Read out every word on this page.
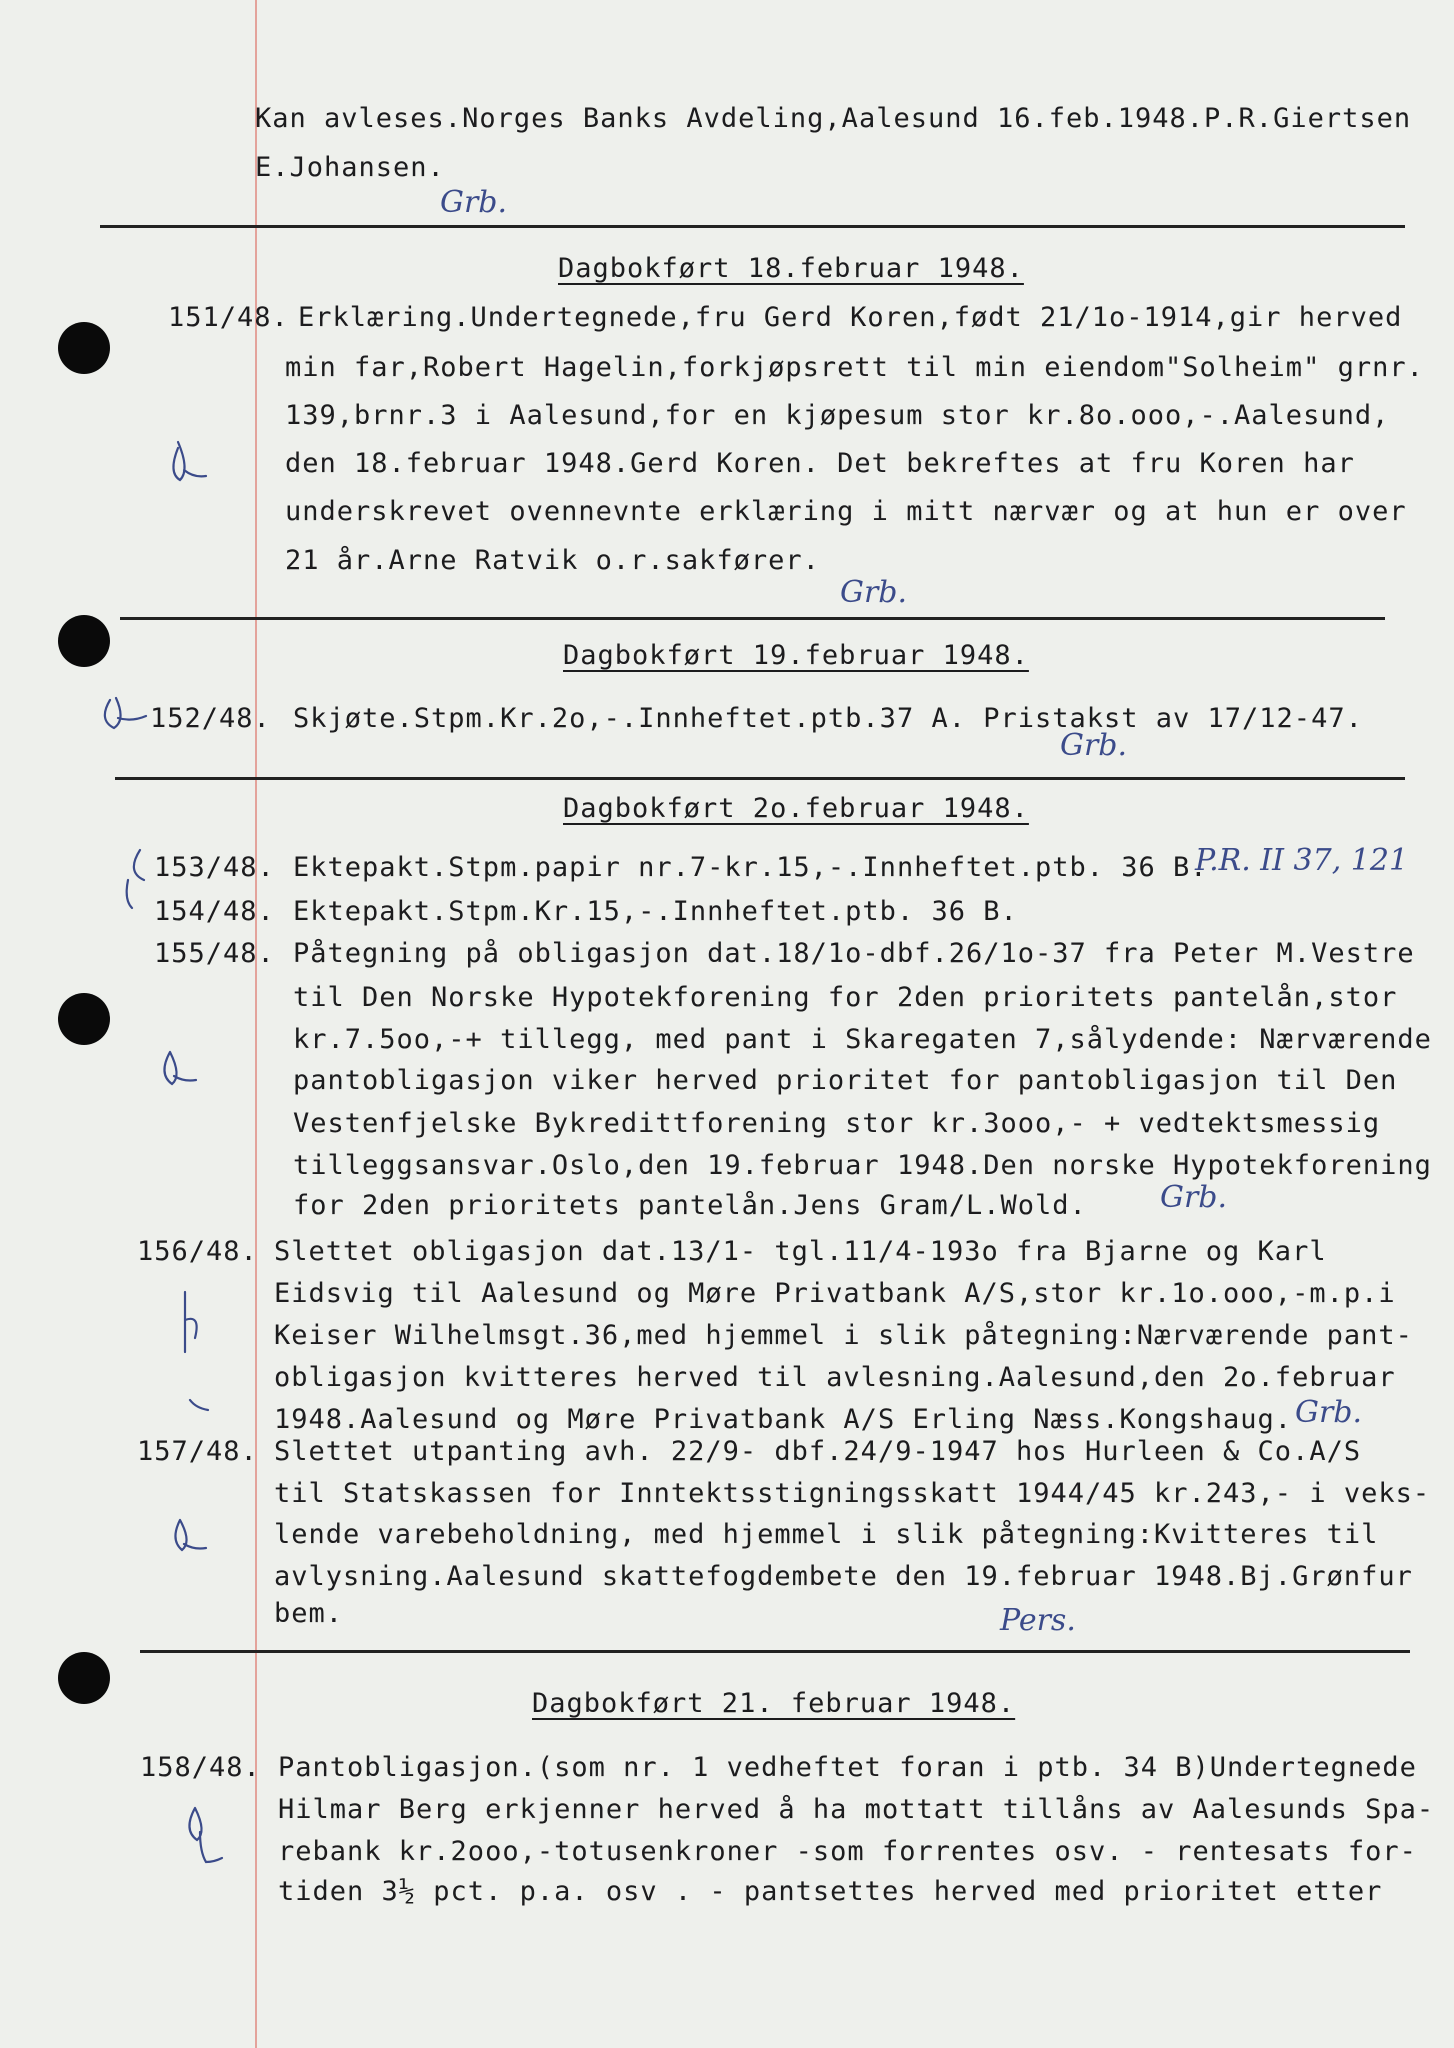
Kan avleses.Norges Banks Avdeling,Aalesund 16.feb.1948.P.R.Giertsen
E.Johansen.
Grb.
Dagbokført 18.februar 1948.
151/48. Erklæring.Undertegnede,fru Gerd Koren,født 21/1o-1914,gir herved
min far,Robert Hagelin,forkjøpsrett til min eiendom"Solheim" grnr.
139,brnr.3 i Aalesund,for en kjøpesum stor kr.8o.ooo,-.Aalesund,
den 18.februar 1948.Gerd Koren. Det bekreftes at fru Koren har
underskrevet ovennevnte erklæring i mitt nærvær og at hun er over
21 år.Arne Ratvik o.r.sakfører.
Grb.
Dagbokført 19.februar 1948.
152/48. Skjøte.Stpm.Kr.2o,-.Innheftet.ptb.37 A. Pristakst av 17/12-47.
Grb.
Dagbokført 2o.februar 1948.
153/48. Ektepakt.Stpm.papir nr.7-kr.15,-.Innheftet.ptb. 36 B.
P.R. II 37, 121
154/48. Ektepakt.Stpm.Kr.15,-.Innheftet.ptb. 36 B.
155/48. Påtegning på obligasjon dat.18/1o-dbf.26/1o-37 fra Peter M.Vestre
til Den Norske Hypotekforening for 2den prioritets pantelån,stor
kr.7.5oo,-+ tillegg, med pant i Skaregaten 7,sålydende: Nærværende
pantobligasjon viker herved prioritet for pantobligasjon til Den
Vestenfjelske Bykredittforening stor kr.3ooo,- + vedtektsmessig
tilleggsansvar.Oslo,den 19.februar 1948.Den norske Hypotekforening
for 2den prioritets pantelån.Jens Gram/L.Wold. Grb.
156/48. Slettet obligasjon dat.13/1- tgl.11/4-193o fra Bjarne og Karl
Eidsvig til Aalesund og Møre Privatbank A/S,stor kr.1o.ooo,-m.p.i
Keiser Wilhelmsgt.36,med hjemmel i slik påtegning:Nærværende pant-
obligasjon kvitteres herved til avlesning.Aalesund,den 2o.februar
1948.Aalesund og Møre Privatbank A/S Erling Næss.Kongshaug. Grb.
157/48. Slettet utpanting avh. 22/9- dbf.24/9-1947 hos Hurleen & Co.A/S
til Statskassen for Inntektsstigningsskatt 1944/45 kr.243,- i veks-
lende varebeholdning, med hjemmel i slik påtegning:Kvitteres til
avlysning.Aalesund skattefogdembete den 19.februar 1948.Bj.Grønfur
bem.	Pers.
Dagbokført 21. februar 1948.
158/48. Pantobligasjon.(som nr. 1 vedheftet foran i ptb. 34 B)Undertegnede
Hilmar Berg erkjenner herved å ha mottatt tillåns av Aalesunds Spa-
rebank kr.2ooo,-totusenkroner -som forrentes osv. - rentesats for-
tiden 3½ pct. p.a. osv . - pantsettes herved med prioritet etter
